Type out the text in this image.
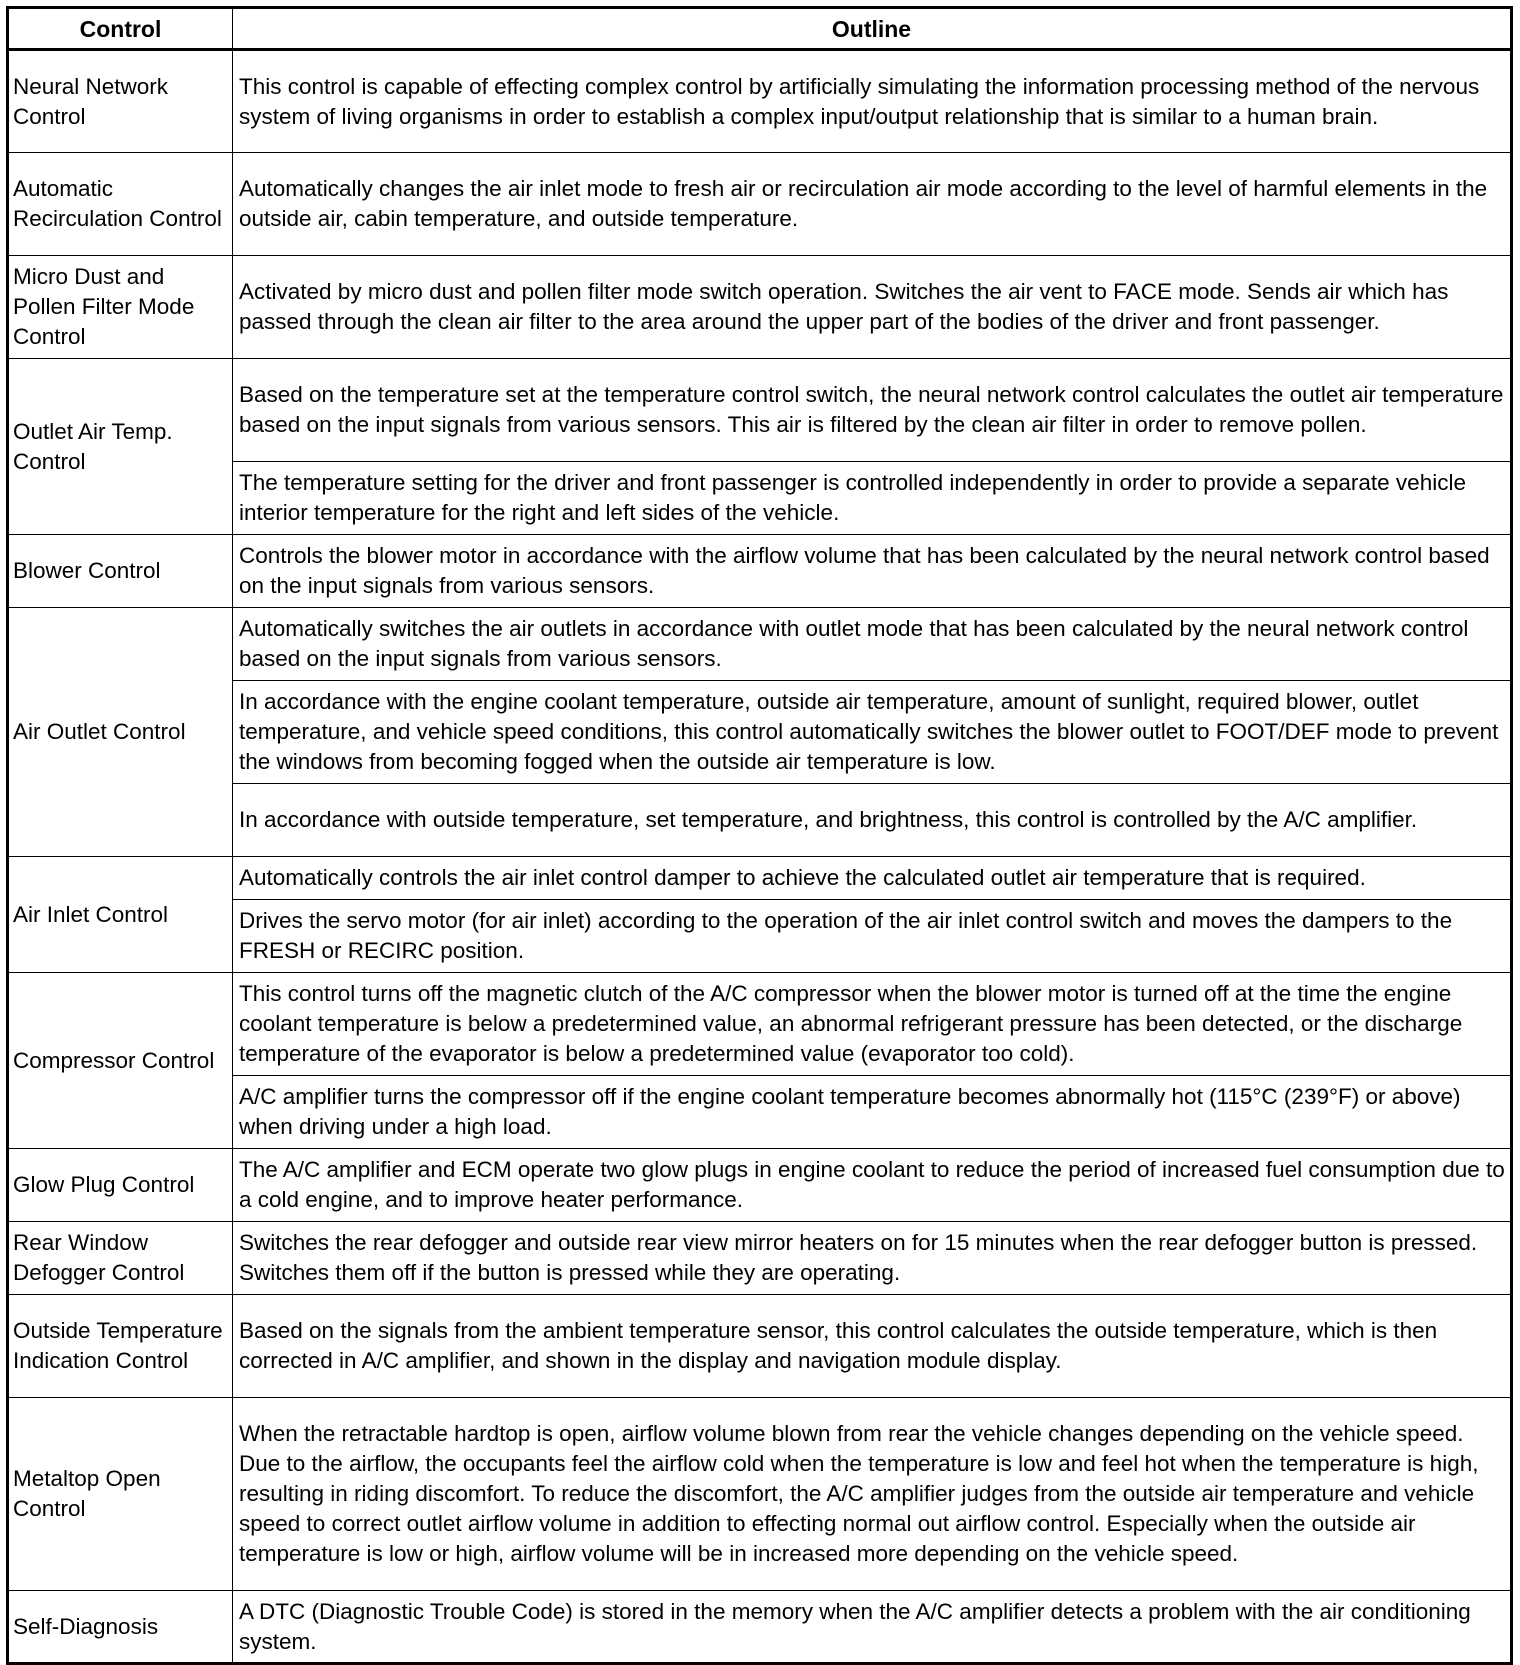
Control	Outline
Neural Network Control	This control is capable of effecting complex control by artificially simulating the information processing method of the nervous system of living organisms in order to establish a complex input/output relationship that is similar to a human brain.
Automatic Recirculation Control	Automatically changes the air inlet mode to fresh air or recirculation air mode according to the level of harmful elements in the outside air, cabin temperature, and outside temperature.
Micro Dust and Pollen Filter Mode Control	Activated by micro dust and pollen filter mode switch operation. Switches the air vent to FACE mode. Sends air which has passed through the clean air filter to the area around the upper part of the bodies of the driver and front passenger.
Outlet Air Temp. Control	Based on the temperature set at the temperature control switch, the neural network control calculates the outlet air temperature based on the input signals from various sensors. This air is filtered by the clean air filter in order to remove pollen.
	The temperature setting for the driver and front passenger is controlled independently in order to provide a separate vehicle interior temperature for the right and left sides of the vehicle.
Blower Control	Controls the blower motor in accordance with the airflow volume that has been calculated by the neural network control based on the input signals from various sensors.
Air Outlet Control	Automatically switches the air outlets in accordance with outlet mode that has been calculated by the neural network control based on the input signals from various sensors.
	In accordance with the engine coolant temperature, outside air temperature, amount of sunlight, required blower, outlet temperature, and vehicle speed conditions, this control automatically switches the blower outlet to FOOT/DEF mode to prevent the windows from becoming fogged when the outside air temperature is low.
	In accordance with outside temperature, set temperature, and brightness, this control is controlled by the A/C amplifier.
Air Inlet Control	Automatically controls the air inlet control damper to achieve the calculated outlet air temperature that is required.
	Drives the servo motor (for air inlet) according to the operation of the air inlet control switch and moves the dampers to the FRESH or RECIRC position.
Compressor Control	This control turns off the magnetic clutch of the A/C compressor when the blower motor is turned off at the time the engine coolant temperature is below a predetermined value, an abnormal refrigerant pressure has been detected, or the discharge temperature of the evaporator is below a predetermined value (evaporator too cold).
	A/C amplifier turns the compressor off if the engine coolant temperature becomes abnormally hot (115°C (239°F) or above) when driving under a high load.
Glow Plug Control	The A/C amplifier and ECM operate two glow plugs in engine coolant to reduce the period of increased fuel consumption due to a cold engine, and to improve heater performance.
Rear Window Defogger Control	Switches the rear defogger and outside rear view mirror heaters on for 15 minutes when the rear defogger button is pressed. Switches them off if the button is pressed while they are operating.
Outside Temperature Indication Control	Based on the signals from the ambient temperature sensor, this control calculates the outside temperature, which is then corrected in A/C amplifier, and shown in the display and navigation module display.
Metaltop Open Control	When the retractable hardtop is open, airflow volume blown from rear the vehicle changes depending on the vehicle speed. Due to the airflow, the occupants feel the airflow cold when the temperature is low and feel hot when the temperature is high, resulting in riding discomfort. To reduce the discomfort, the A/C amplifier judges from the outside air temperature and vehicle speed to correct outlet airflow volume in addition to effecting normal out airflow control. Especially when the outside air temperature is low or high, airflow volume will be in increased more depending on the vehicle speed.
Self-Diagnosis	A DTC (Diagnostic Trouble Code) is stored in the memory when the A/C amplifier detects a problem with the air conditioning system.
